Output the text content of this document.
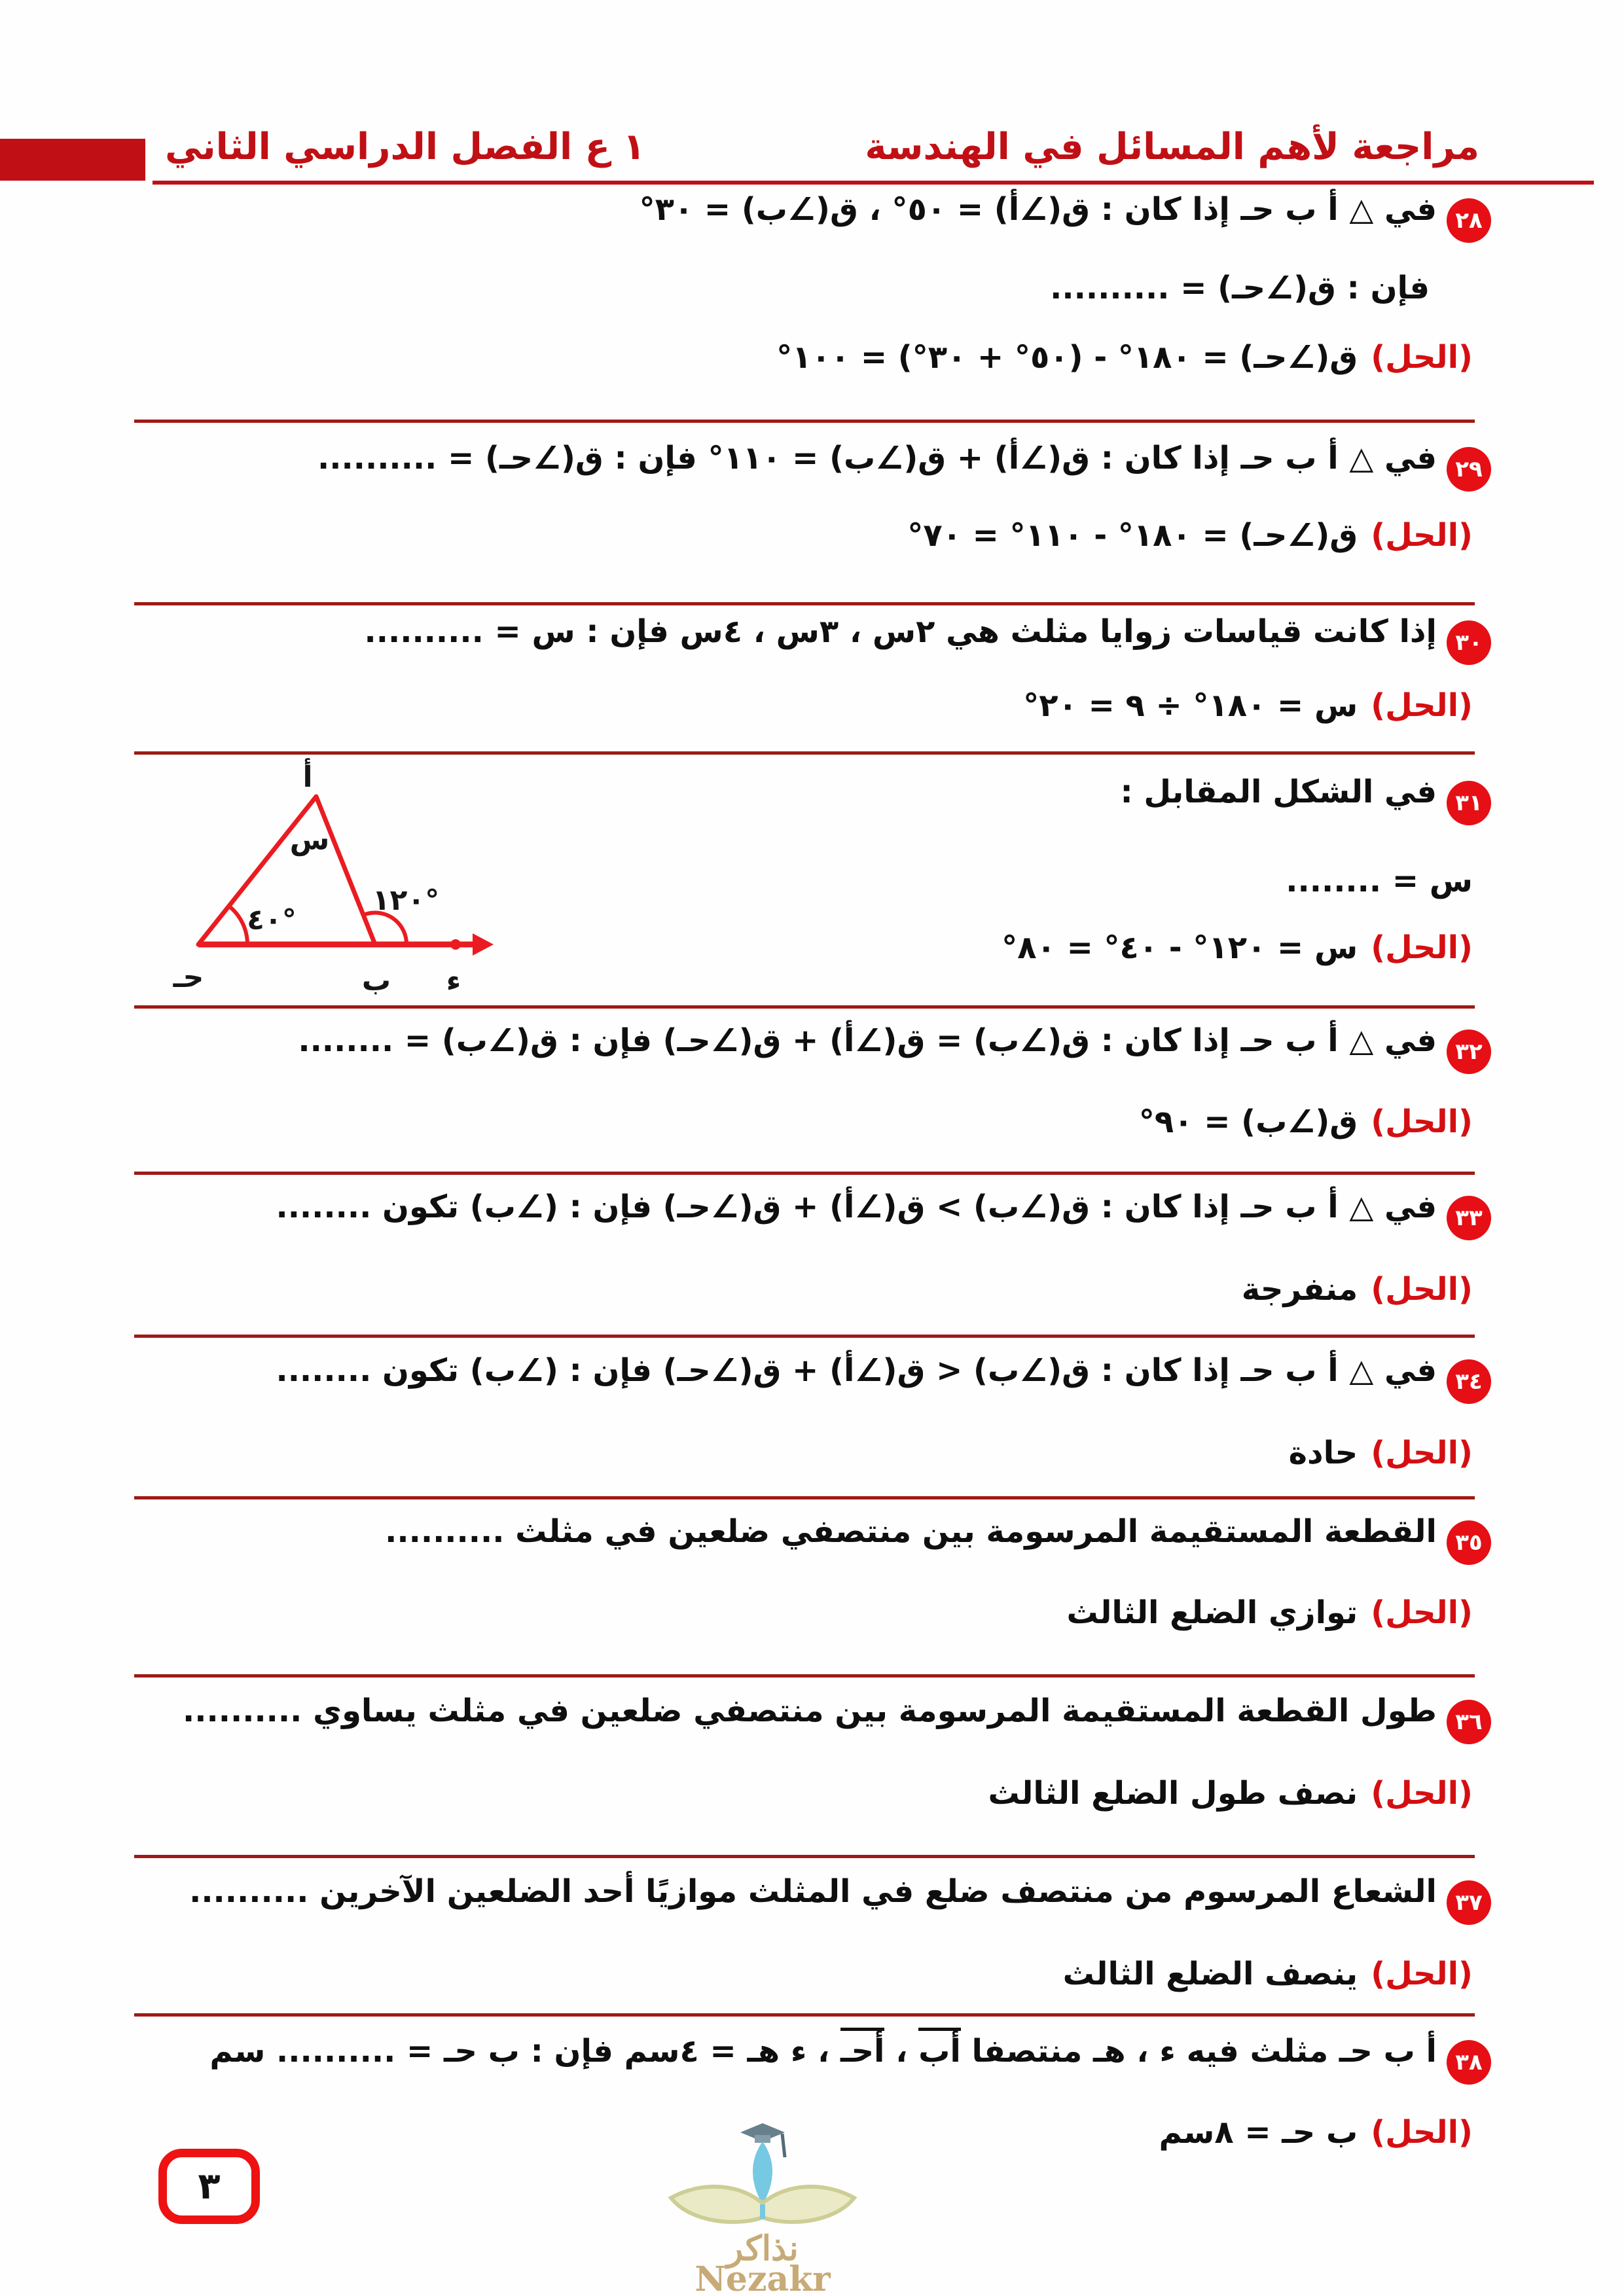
١ ع الفصل الدراسي الثاني	مراجعة لأهم المسائل في الهندسة
٢٨
في △ أ ب حـ إذا كان : ق(∠أ) = ٥٠° ، ق(∠ب) = ٣٠°
فإن : ق(∠حـ) = ..........
(الحل)ق(∠حـ) = ١٨٠° - (٥٠° + ٣٠°) = ١٠٠°
٢٩
في △ أ ب حـ إذا كان : ق(∠أ) + ق(∠ب) = ١١٠° فإن : ق(∠حـ) = ..........
(الحل)ق(∠حـ) = ١٨٠° - ١١٠° = ٧٠°
٣٠
إذا كانت قياسات زوايا مثلث هي ٢س ، ٣س ، ٤س فإن : س = ..........
(الحل)س = ١٨٠° ÷ ٩ = ٢٠°
٣١
في الشكل المقابل :
س = ........
(الحل)س = ١٢٠° - ٤٠° = ٨٠°
أ
س
٤٠°
١٢٠°
حـ	ب ء
٣٢
في △ أ ب حـ إذا كان : ق(∠ب) = ق(∠أ) + ق(∠حـ) فإن : ق(∠ب) = ........
(الحل)ق(∠ب) = ٩٠°
٣٣
في △ أ ب حـ إذا كان : ق(∠ب) > ق(∠أ) + ق(∠حـ) فإن : (∠ب) تكون ........
(الحل)منفرجة
٣٤
في △ أ ب حـ إذا كان : ق(∠ب) < ق(∠أ) + ق(∠حـ) فإن : (∠ب) تكون ........
(الحل)حادة
٣٥
القطعة المستقيمة المرسومة بين منتصفي ضلعين في مثلث ..........
(الحل)توازي الضلع الثالث
٣٦
طول القطعة المستقيمة المرسومة بين منتصفي ضلعين في مثلث يساوي ..........
(الحل)نصف طول الضلع الثالث
٣٧
الشعاع المرسوم من منتصف ضلع في المثلث موازيًا أحد الضلعين الآخرين ..........
(الحل)ينصف الضلع الثالث
٣٨
أ ب حـ مثلث فيه ء ، هـ منتصفا أب ، أحـ ، ء هـ = ٤سم فإن : ب حـ = .......... سم
(الحل)ب حـ = ٨سم
٣
نذاكر
Nezakr
